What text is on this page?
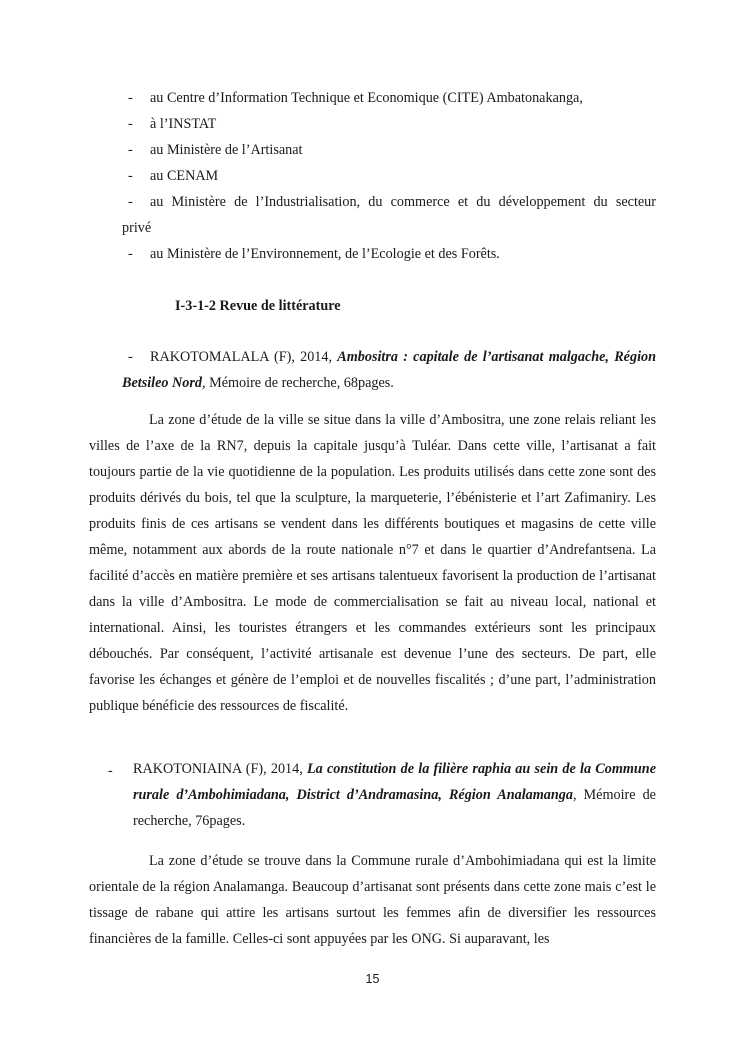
- au Centre d’Information Technique et Economique (CITE) Ambatonakanga,
- à l’INSTAT
- au Ministère de l’Artisanat
- au CENAM
- au Ministère de l’Industrialisation, du commerce et du développement du secteur
privé
- au Ministère de l’Environnement, de l’Ecologie et des Forêts.
I-3-1-2 Revue de littérature
- RAKOTOMALALA (F), 2014, Ambositra : capitale de l’artisanat malgache, Région Betsileo Nord, Mémoire de recherche, 68pages.

La zone d’étude de la ville se situe dans la ville d’Ambositra, une zone relais reliant les villes de l’axe de la RN7, depuis la capitale jusqu’à Tuléar. Dans cette ville, l’artisanat a fait toujours partie de la vie quotidienne de la population. Les produits utilisés dans cette zone sont des produits dérivés du bois, tel que la sculpture, la marqueterie, l’ébénisterie et l’art Zafimaniry. Les produits finis de ces artisans se vendent dans les différents boutiques et magasins de cette ville même, notamment aux abords de la route nationale n°7 et dans le quartier d’Andrefantsena. La facilité d’accès en matière première et ses artisans talentueux favorisent la production de l’artisanat dans la ville d’Ambositra. Le mode de commercialisation se fait au niveau local, national et international. Ainsi, les touristes étrangers et les commandes extérieurs sont les principaux débouchés. Par conséquent, l’activité artisanale est devenue l’une des secteurs. De part, elle favorise les échanges et génère de l’emploi et de nouvelles fiscalités ; d’une part, l’administration publique bénéficie des ressources de fiscalité.

- RAKOTONIAINA (F), 2014, La constitution de la filière raphia au sein de la Commune rurale d’Ambohimiadana, District d’Andramasina, Région Analamanga, Mémoire de recherche, 76pages.

La zone d’étude se trouve dans la Commune rurale d’Ambohimiadana qui est la limite orientale de la région Analamanga. Beaucoup d’artisanat sont présents dans cette zone mais c’est le tissage de rabane qui attire les artisans surtout les femmes afin de diversifier les ressources financières de la famille. Celles-ci sont appuyées par les ONG. Si auparavant, les

15
